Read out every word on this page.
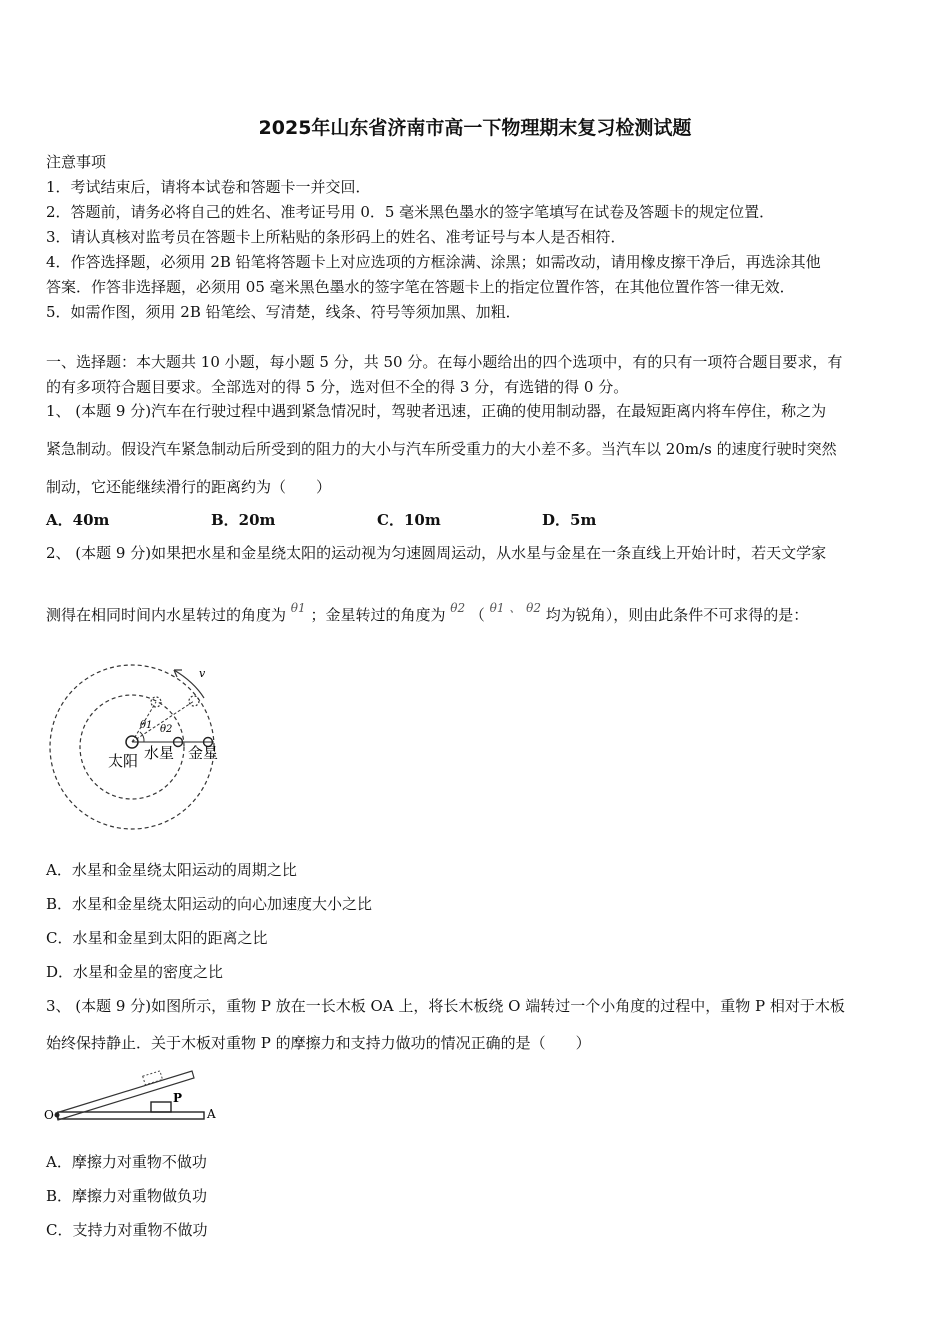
2025年山东省济南市高一下物理期末复习检测试题
注意事项
1．考试结束后，请将本试卷和答题卡一并交回．
2．答题前，请务必将自己的姓名、准考证号用 0．5 毫米黑色墨水的签字笔填写在试卷及答题卡的规定位置．
3．请认真核对监考员在答题卡上所粘贴的条形码上的姓名、准考证号与本人是否相符．
4．作答选择题，必须用 2B 铅笔将答题卡上对应选项的方框涂满、涂黑；如需改动，请用橡皮擦干净后，再选涂其他
答案．作答非选择题，必须用 05 毫米黑色墨水的签字笔在答题卡上的指定位置作答，在其他位置作答一律无效．
5．如需作图，须用 2B 铅笔绘、写清楚，线条、符号等须加黑、加粗．
一、选择题：本大题共 10 小题，每小题 5 分，共 50 分。在每小题给出的四个选项中，有的只有一项符合题目要求，有
的有多项符合题目要求。全部选对的得 5 分，选对但不全的得 3 分，有选错的得 0 分。
1、 (本题 9 分)汽车在行驶过程中遇到紧急情况时，驾驶者迅速，正确的使用制动器，在最短距离内将车停住，称之为
紧急制动。假设汽车紧急制动后所受到的阻力的大小与汽车所受重力的大小差不多。当汽车以 20m/s 的速度行驶时突然
制动，它还能继续滑行的距离约为（　　）
A．40m	B．20m	C．10m	D．5m
2、 (本题 9 分)如果把水星和金星绕太阳的运动视为匀速圆周运动，从水星与金星在一条直线上开始计时，若天文学家
测得在相同时间内水星转过的角度为 $^{\theta 1}$ ；金星转过的角度为 $^{\theta 2}$ （ $^{\theta 1}$ 、 $^{\theta 2}$ 均为锐角），则由此条件不可求得的是：
v
θ1 θ2
太阳 水星 金星
A．水星和金星绕太阳运动的周期之比
B．水星和金星绕太阳运动的向心加速度大小之比
C．水星和金星到太阳的距离之比
D．水星和金星的密度之比
3、 (本题 9 分)如图所示，重物 P 放在一长木板 OA 上，将长木板绕 O 端转过一个小角度的过程中，重物 P 相对于木板
始终保持静止．关于木板对重物 P 的摩擦力和支持力做功的情况正确的是（　　）
O
P
A
A．摩擦力对重物不做功
B．摩擦力对重物做负功
C．支持力对重物不做功
